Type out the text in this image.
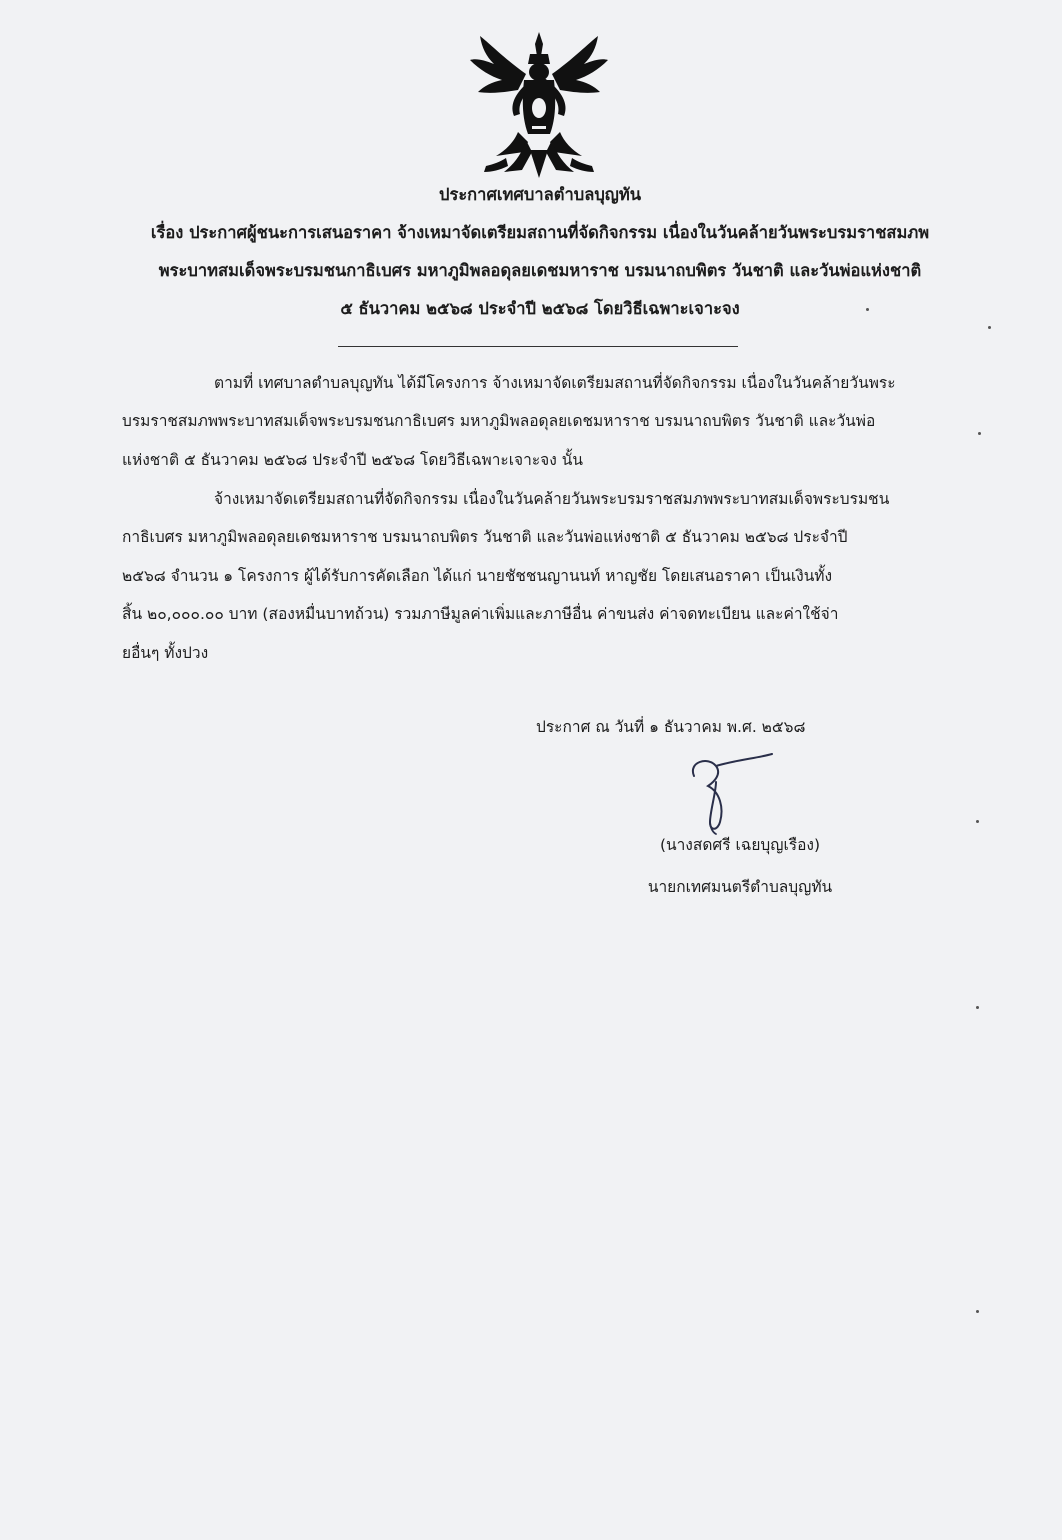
ประกาศเทศบาลตำบลบุญทัน
เรื่อง ประกาศผู้ชนะการเสนอราคา จ้างเหมาจัดเตรียมสถานที่จัดกิจกรรม เนื่องในวันคล้ายวันพระบรมราชสมภพ
พระบาทสมเด็จพระบรมชนกาธิเบศร มหาภูมิพลอดุลยเดชมหาราช บรมนาถบพิตร วันชาติ และวันพ่อแห่งชาติ
๕ ธันวาคม ๒๕๖๘ ประจำปี ๒๕๖๘ โดยวิธีเฉพาะเจาะจง
ตามที่ เทศบาลตำบลบุญทัน ได้มีโครงการ จ้างเหมาจัดเตรียมสถานที่จัดกิจกรรม เนื่องในวันคล้ายวันพระ
บรมราชสมภพพระบาทสมเด็จพระบรมชนกาธิเบศร มหาภูมิพลอดุลยเดชมหาราช บรมนาถบพิตร วันชาติ และวันพ่อ
แห่งชาติ ๕ ธันวาคม ๒๕๖๘ ประจำปี ๒๕๖๘ โดยวิธีเฉพาะเจาะจง นั้น
จ้างเหมาจัดเตรียมสถานที่จัดกิจกรรม เนื่องในวันคล้ายวันพระบรมราชสมภพพระบาทสมเด็จพระบรมชน
กาธิเบศร มหาภูมิพลอดุลยเดชมหาราช บรมนาถบพิตร วันชาติ และวันพ่อแห่งชาติ ๕ ธันวาคม ๒๕๖๘ ประจำปี
๒๕๖๘ จำนวน ๑ โครงการ ผู้ได้รับการคัดเลือก ได้แก่ นายชัชชนญานนท์ หาญชัย โดยเสนอราคา เป็นเงินทั้ง
สิ้น ๒๐,๐๐๐.๐๐ บาท (สองหมื่นบาทถ้วน) รวมภาษีมูลค่าเพิ่มและภาษีอื่น ค่าขนส่ง ค่าจดทะเบียน และค่าใช้จ่า
ยอื่นๆ ทั้งปวง
ประกาศ ณ วันที่ ๑ ธันวาคม พ.ศ. ๒๕๖๘
(นางสดศรี เฉยบุญเรือง)
นายกเทศมนตรีตำบลบุญทัน
